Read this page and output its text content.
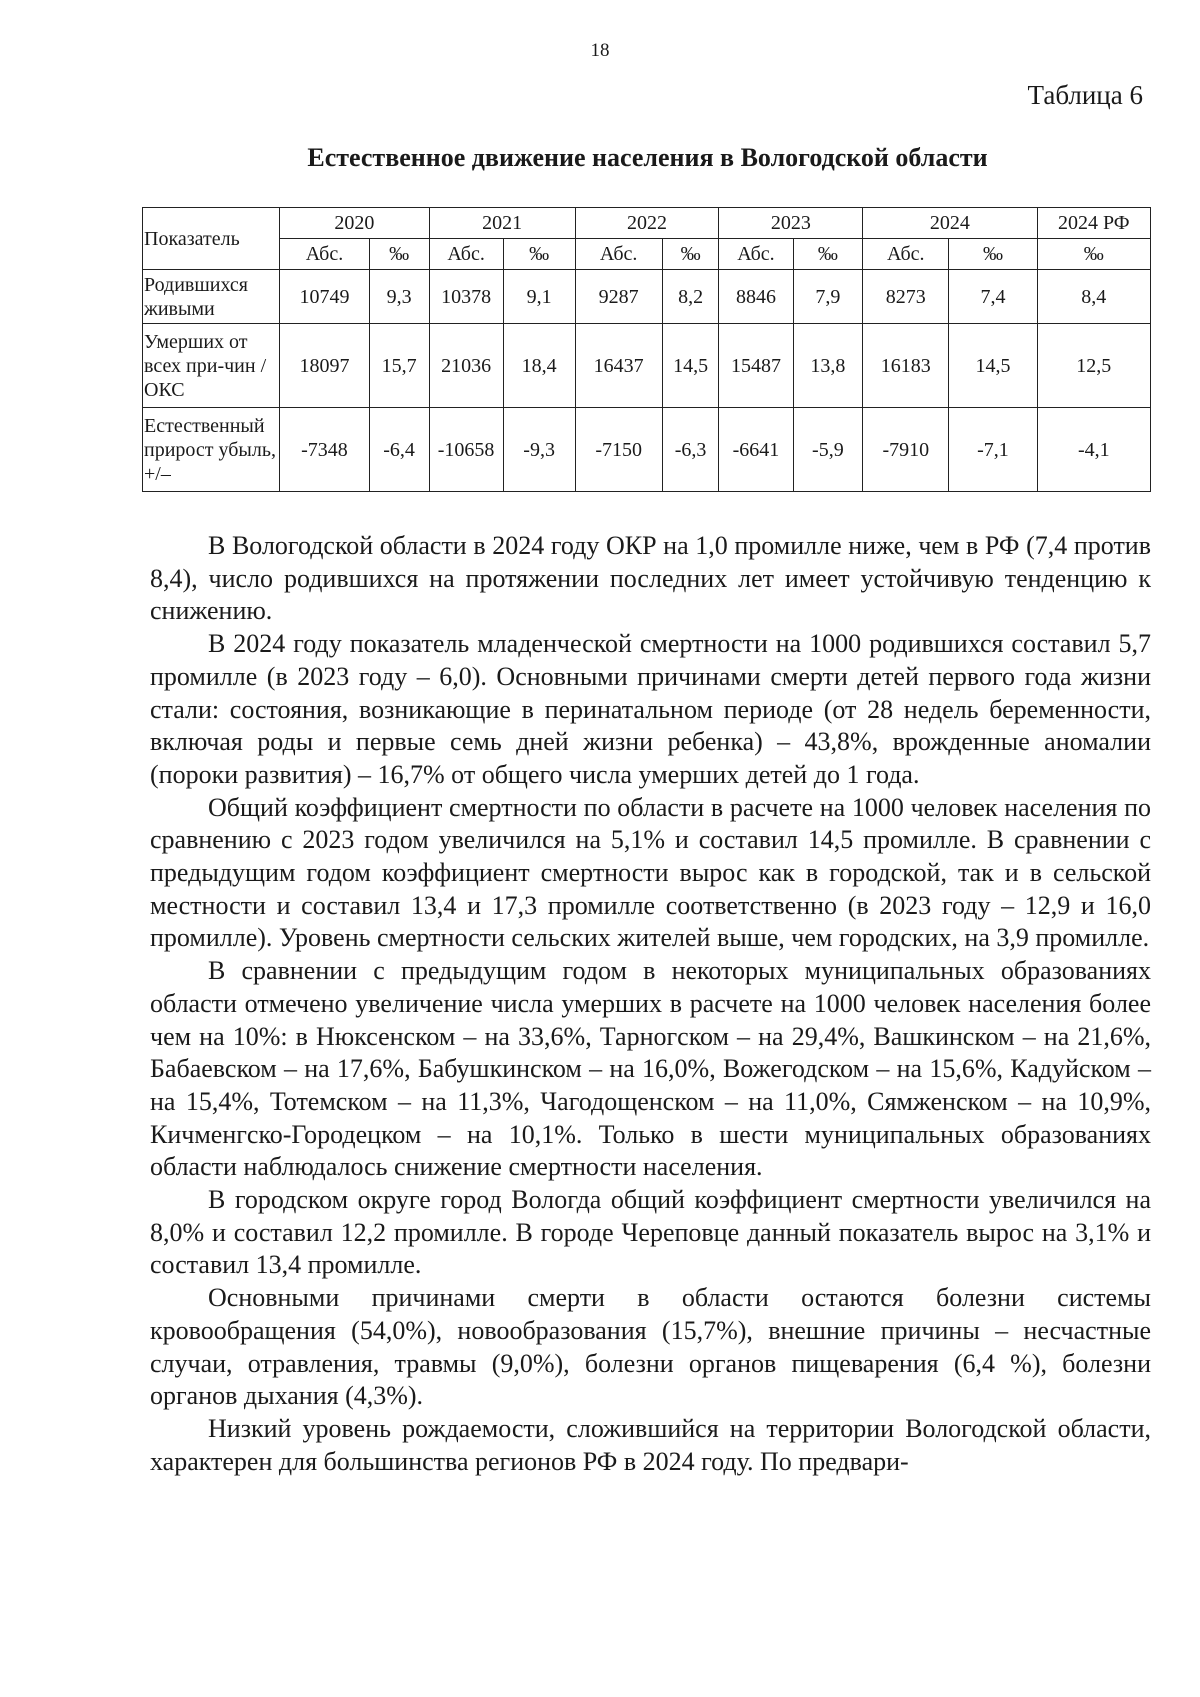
18
Таблица 6
Естественное движение населения в Вологодской области
Показатель	2020		2021		2022		2023		2024		2024 РФ
	Абс.	‰	Абс.	‰	Абс.	‰	Абс.	‰	Абс.	‰	‰
Родившихся живыми	10749	9,3	10378	9,1	9287	8,2	8846	7,9	8273	7,4	8,4
Умерших от всех при-чин / ОКС	18097	15,7	21036	18,4	16437	14,5	15487	13,8	16183	14,5	12,5
Естественный прирост убыль, +/–	-7348	-6,4	-10658	-9,3	-7150	-6,3	-6641	-5,9	-7910	-7,1	-4,1

В Вологодской области в 2024 году ОКР на 1,0 промилле ниже, чем в РФ (7,4 против 8,4), число родившихся на протяжении последних лет имеет устойчивую тенденцию к снижению.

В 2024 году показатель младенческой смертности на 1000 родившихся составил 5,7 промилле (в 2023 году – 6,0). Основными причинами смерти детей первого года жизни стали: состояния, возникающие в перинатальном периоде (от 28 недель беременности, включая роды и первые семь дней жизни ребенка) – 43,8%, врожденные аномалии (пороки развития) – 16,7% от общего числа умерших детей до 1 года.

Общий коэффициент смертности по области в расчете на 1000 человек населения по сравнению с 2023 годом увеличился на 5,1% и составил 14,5 промилле. В сравнении с предыдущим годом коэффициент смертности вырос как в городской, так и в сельской местности и составил 13,4 и 17,3 промилле соответственно (в 2023 году – 12,9 и 16,0 промилле). Уровень смертности сельских жителей выше, чем городских, на 3,9 промилле.

В сравнении с предыдущим годом в некоторых муниципальных образованиях области отмечено увеличение числа умерших в расчете на 1000 человек населения более чем на 10%: в Нюксенском – на 33,6%, Тарногском – на 29,4%, Вашкинском – на 21,6%, Бабаевском – на 17,6%, Бабушкинском – на 16,0%, Вожегодском – на 15,6%, Кадуйском – на 15,4%, Тотемском – на 11,3%, Чагодощенском – на 11,0%, Сямженском – на 10,9%, Кичменгско-Городецком – на 10,1%. Только в шести муниципальных образованиях области наблюдалось снижение смертности населения.

В городском округе город Вологда общий коэффициент смертности увеличился на 8,0% и составил 12,2 промилле. В городе Череповце данный показатель вырос на 3,1% и составил 13,4 промилле.

Основными причинами смерти в области остаются болезни системы кровообращения (54,0%), новообразования (15,7%), внешние причины – несчастные случаи, отравления, травмы (9,0%), болезни органов пищеварения (6,4 %), болезни органов дыхания (4,3%).

Низкий уровень рождаемости, сложившийся на территории Вологодской области, характерен для большинства регионов РФ в 2024 году. По предвари-
